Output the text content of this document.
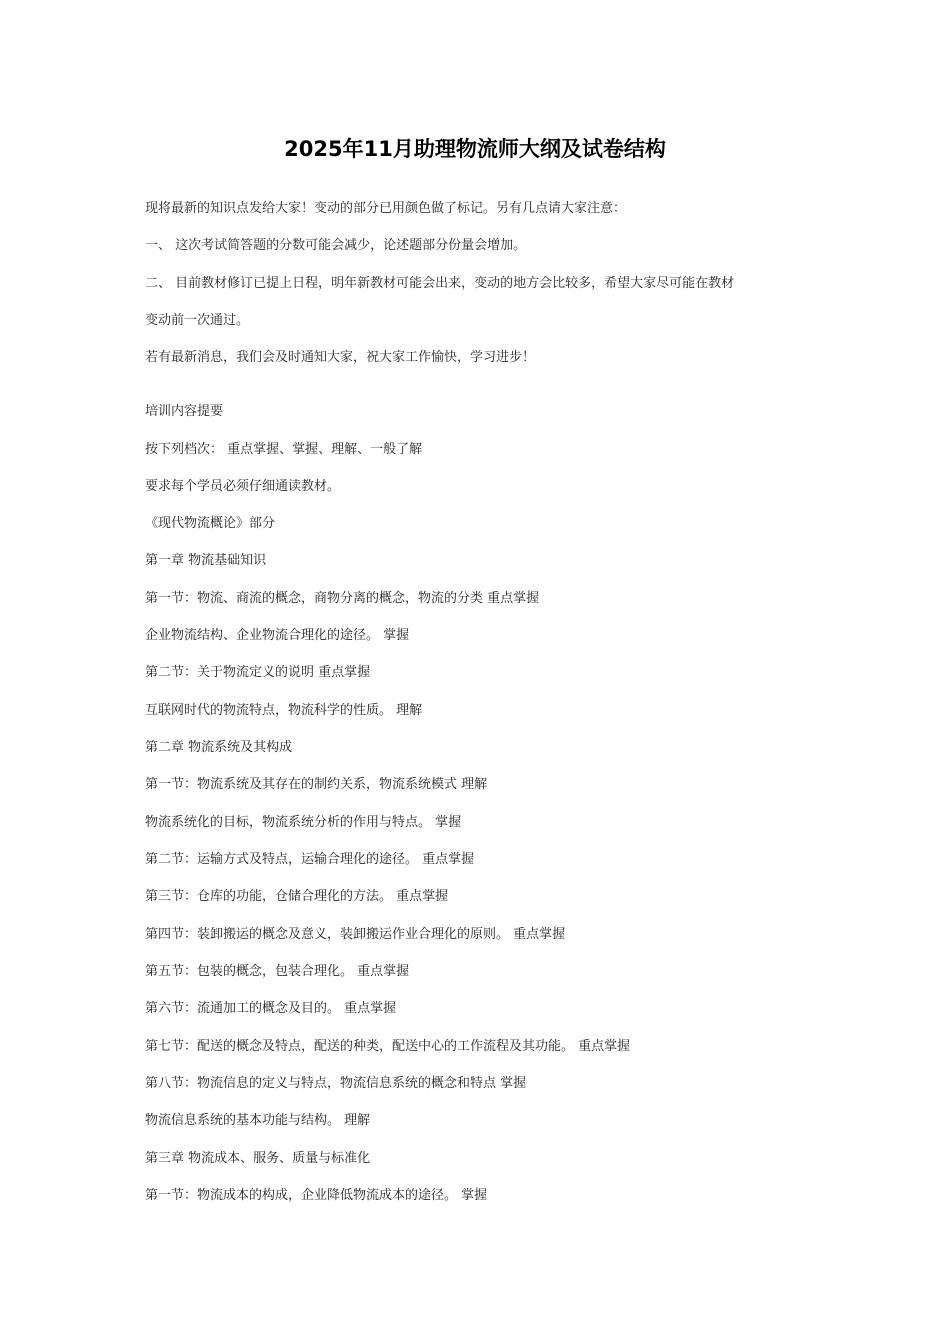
2025年11月助理物流师大纲及试卷结构
现将最新的知识点发给大家！变动的部分已用颜色做了标记。另有几点请大家注意：
一、 这次考试简答题的分数可能会减少，论述题部分份量会增加。
二、 目前教材修订已提上日程，明年新教材可能会出来，变动的地方会比较多，希望大家尽可能在教材
变动前一次通过。
若有最新消息，我们会及时通知大家，祝大家工作愉快，学习进步！
培训内容提要
按下列档次： 重点掌握、掌握、理解、一般了解
要求每个学员必须仔细通读教材。
《现代物流概论》部分
第一章 物流基础知识
第一节：物流、商流的概念，商物分离的概念，物流的分类 重点掌握
企业物流结构、企业物流合理化的途径。 掌握
第二节：关于物流定义的说明 重点掌握
互联网时代的物流特点，物流科学的性质。 理解
第二章 物流系统及其构成
第一节：物流系统及其存在的制约关系，物流系统模式 理解
物流系统化的目标，物流系统分析的作用与特点。 掌握
第二节：运输方式及特点，运输合理化的途径。 重点掌握
第三节：仓库的功能，仓储合理化的方法。 重点掌握
第四节：装卸搬运的概念及意义，装卸搬运作业合理化的原则。 重点掌握
第五节：包装的概念，包装合理化。 重点掌握
第六节：流通加工的概念及目的。 重点掌握
第七节：配送的概念及特点，配送的种类，配送中心的工作流程及其功能。 重点掌握
第八节：物流信息的定义与特点，物流信息系统的概念和特点 掌握
物流信息系统的基本功能与结构。 理解
第三章 物流成本、服务、质量与标准化
第一节：物流成本的构成，企业降低物流成本的途径。 掌握
